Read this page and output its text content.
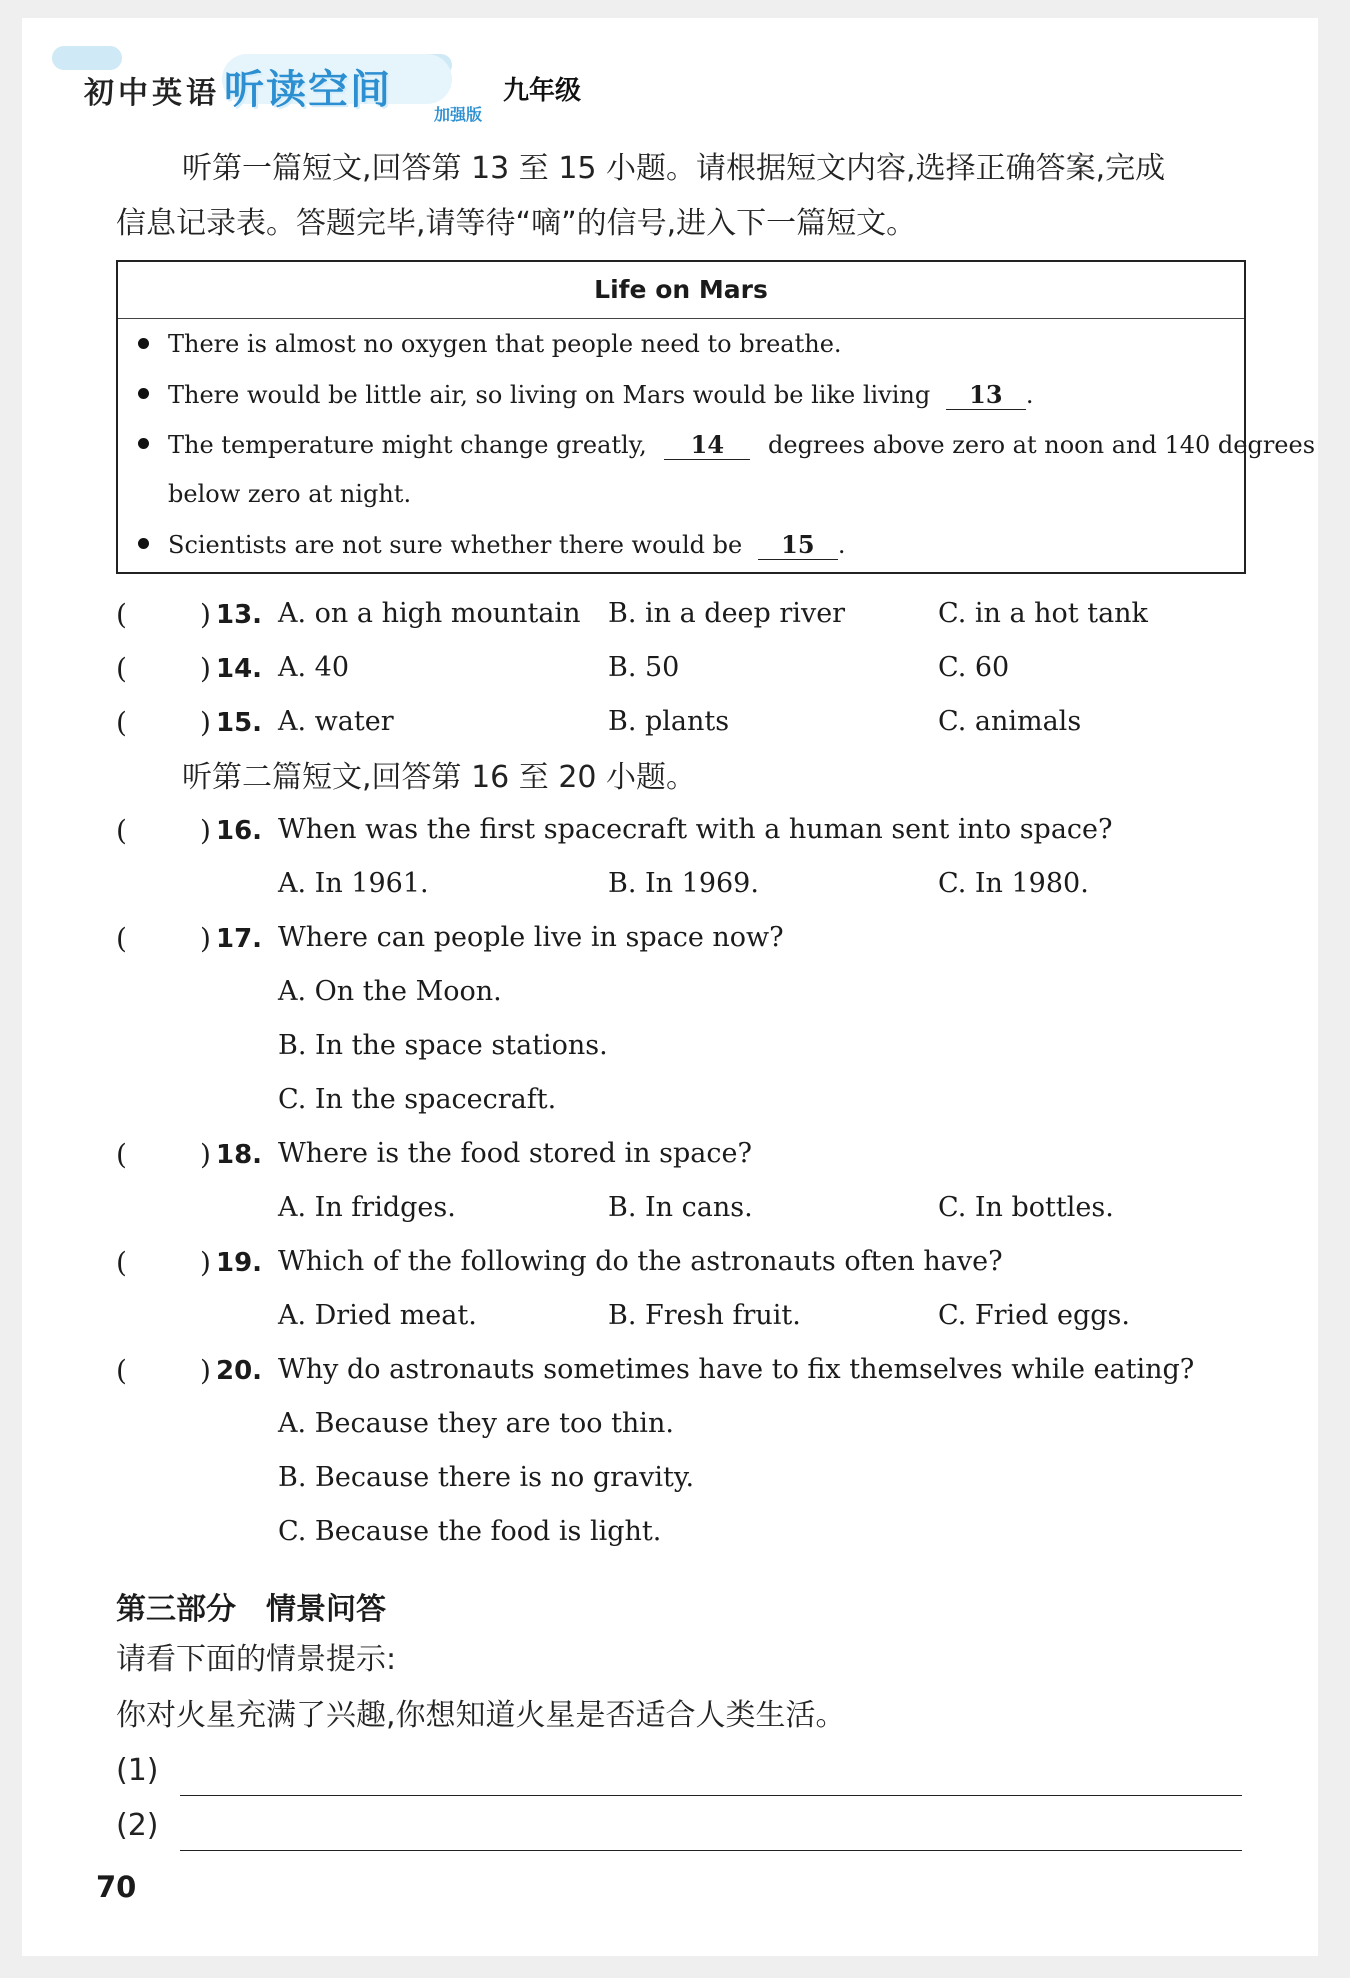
初中英语 听读空间
加强版
九年级
听第一篇短文,回答第 13 至 15 小题。请根据短文内容,选择正确答案,完成
信息记录表。答题完毕,请等待“嘀”的信号,进入下一篇短文。
Life on Mars
There is almost no oxygen that people need to breathe.
There would be little air, so living on Mars would be like living 13 .
The temperature might change greatly, 14 degrees above zero at noon and 140 degrees
below zero at night.
Scientists are not sure whether there would be 15 .
(	) 13. A. on a high mountain B. in a deep river	C. in a hot tank
(	) 14. A. 40	B. 50	C. 60
(	) 15. A. water	B. plants	C. animals
听第二篇短文,回答第 16 至 20 小题。
(	) 16. When was the first spacecraft with a human sent into space?
A. In 1961.	B. In 1969.	C. In 1980.
(	) 17. Where can people live in space now?
A. On the Moon.
B. In the space stations.
C. In the spacecraft.
(	) 18. Where is the food stored in space?
A. In fridges.	B. In cans.	C. In bottles.
(	) 19. Which of the following do the astronauts often have?
A. Dried meat.	B. Fresh fruit.	C. Fried eggs.
(	) 20. Why do astronauts sometimes have to fix themselves while eating?
A. Because they are too thin.
B. Because there is no gravity.
C. Because the food is light.
第三部分　情景问答
请看下面的情景提示:
你对火星充满了兴趣,你想知道火星是否适合人类生活。
(1)
(2)
70
